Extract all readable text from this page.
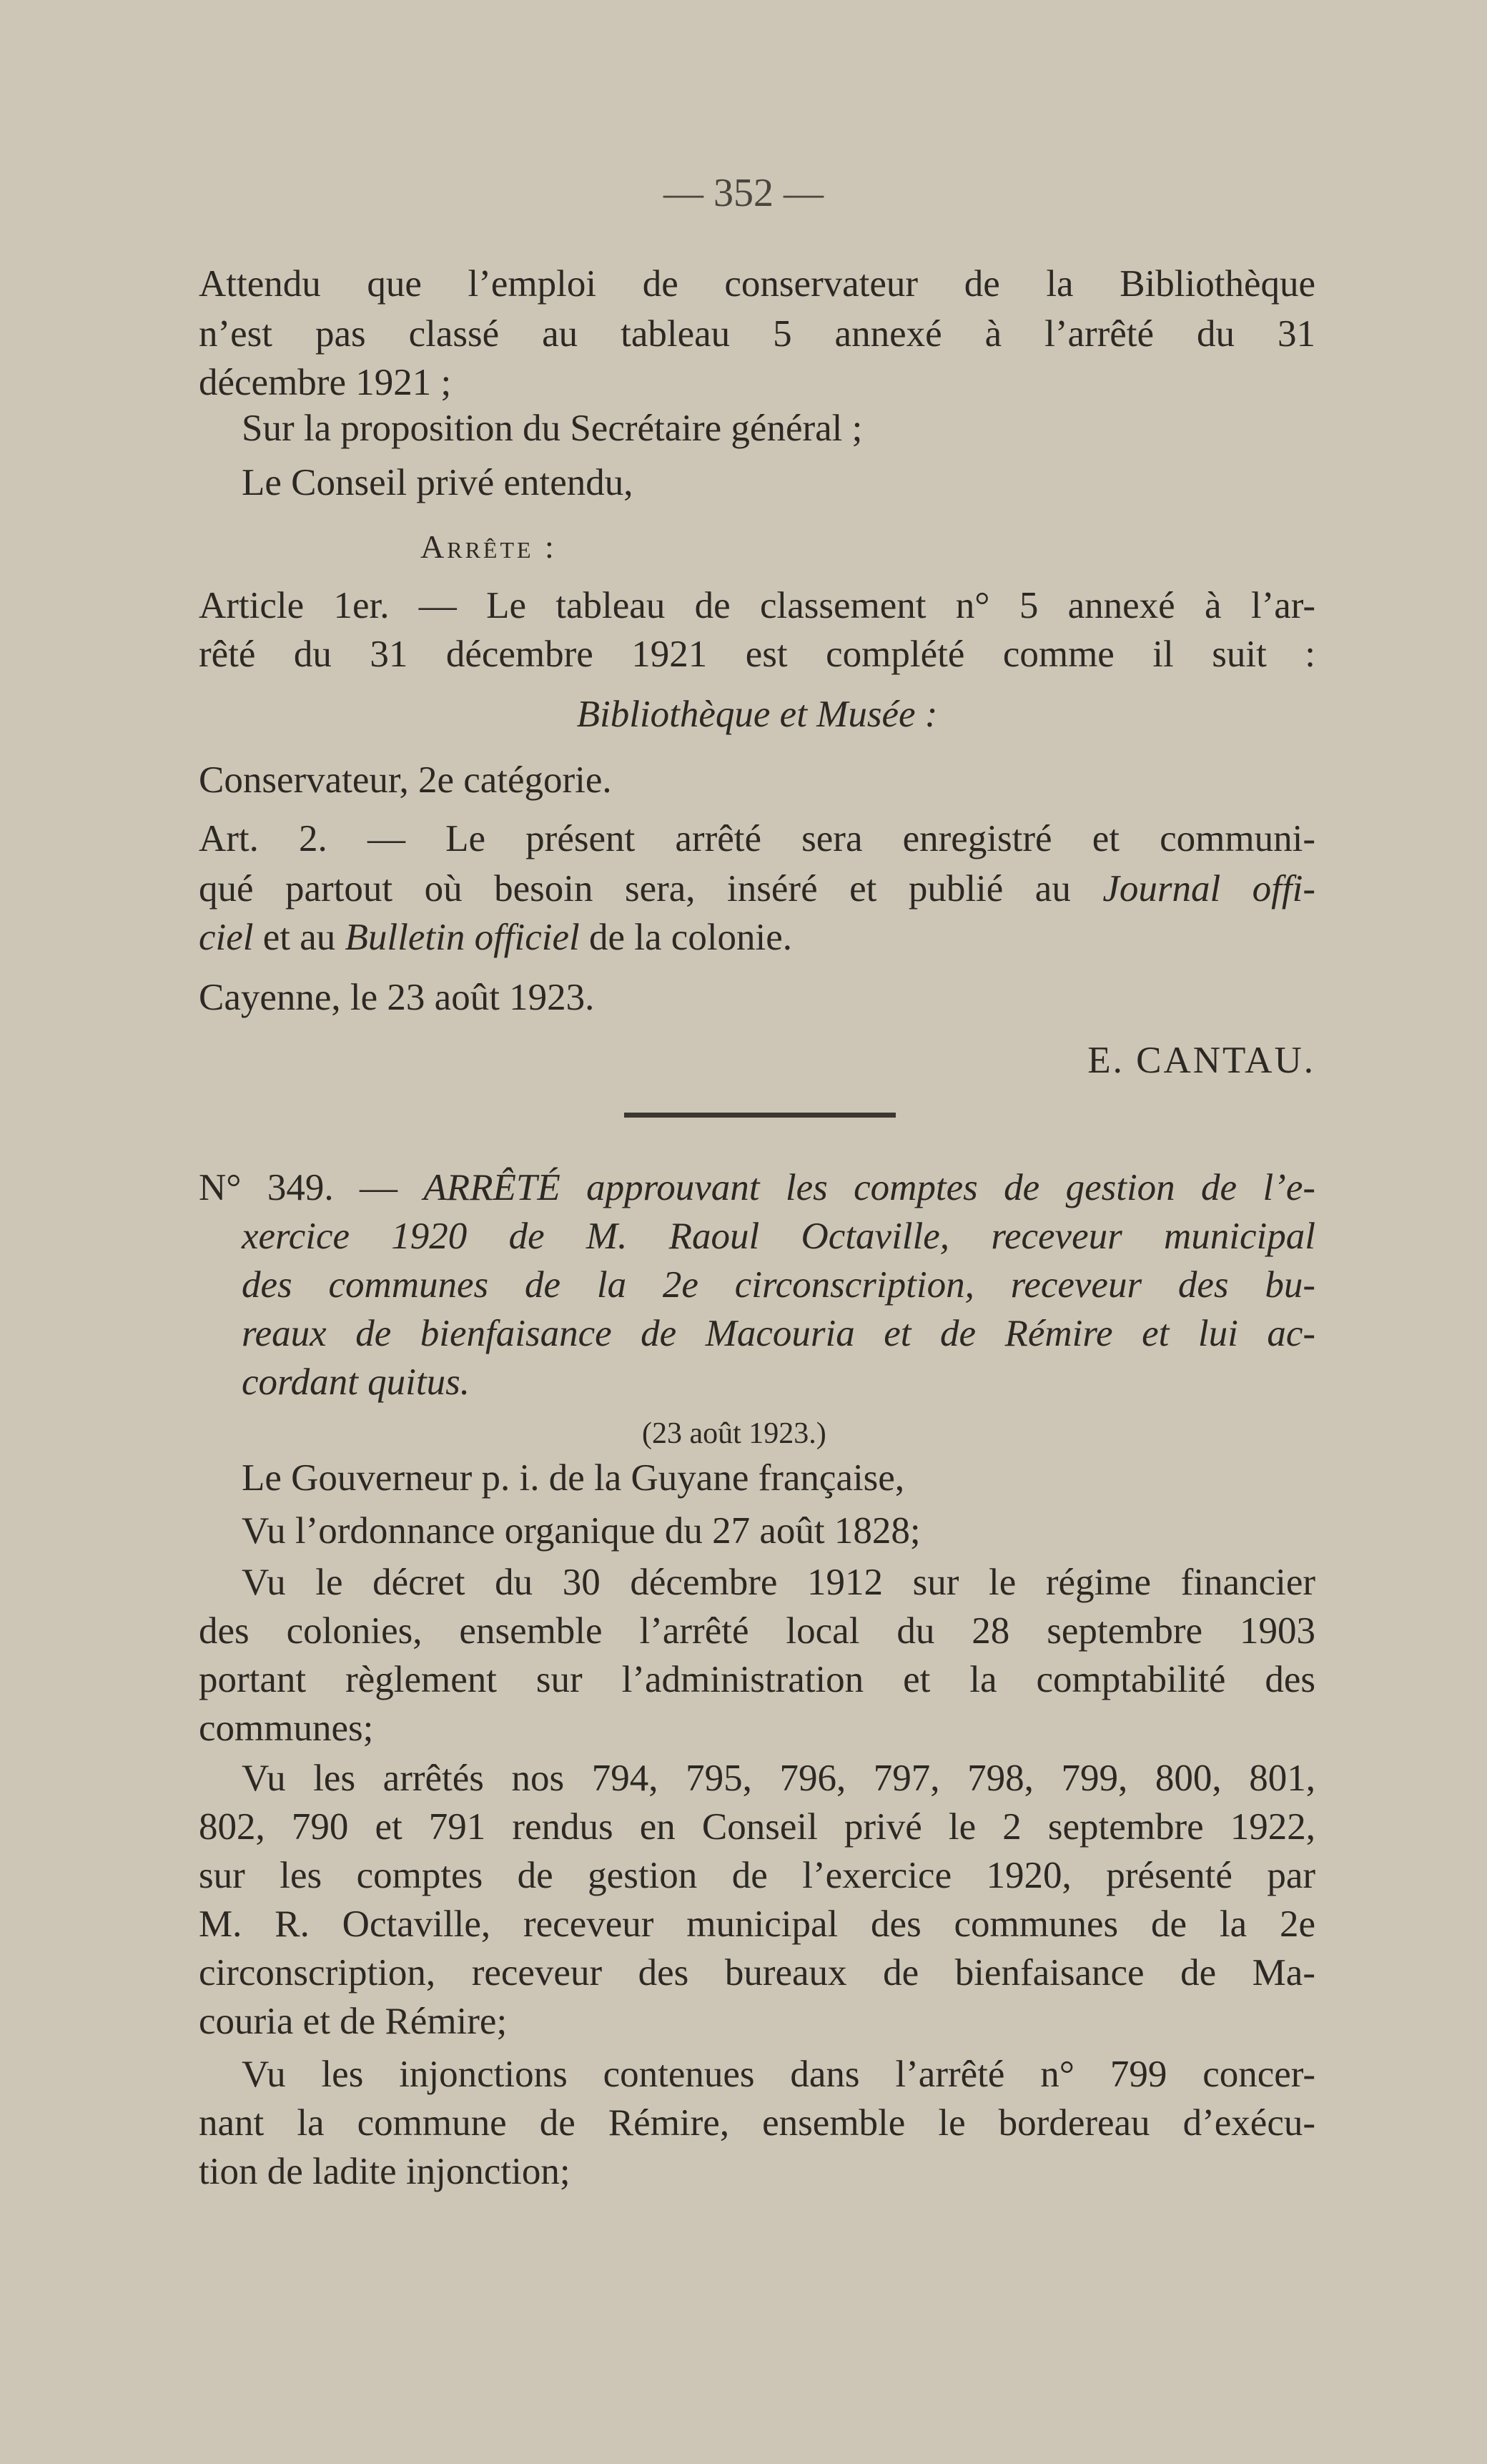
— 352 —
Attendu que l’emploi de conservateur de la Bibliothèque
n’est pas classé au tableau 5 annexé à l’arrêté du 31
décembre 1921 ;
Sur la proposition du Secrétaire général ;
Le Conseil privé entendu,
Arrête :
Article 1er. — Le tableau de classement n° 5 annexé à l’ar-
rêté du 31 décembre 1921 est complété comme il suit :
Bibliothèque et Musée :
Conservateur, 2e catégorie.
Art. 2. — Le présent arrêté sera enregistré et communi-
qué partout où besoin sera, inséré et publié au Journal offi-
ciel et au Bulletin officiel de la colonie.
Cayenne, le 23 août 1923.
E. CANTAU.
N° 349. — ARRÊTÉ approuvant les comptes de gestion de l’e-
xercice 1920 de M. Raoul Octaville, receveur municipal
des communes de la 2e circonscription, receveur des bu-
reaux de bienfaisance de Macouria et de Rémire et lui ac-
cordant quitus.
(23 août 1923.)
Le Gouverneur p. i. de la Guyane française,
Vu l’ordonnance organique du 27 août 1828;
Vu le décret du 30 décembre 1912 sur le régime financier
des colonies, ensemble l’arrêté local du 28 septembre 1903
portant règlement sur l’administration et la comptabilité des
communes;
Vu les arrêtés nos 794, 795, 796, 797, 798, 799, 800, 801,
802, 790 et 791 rendus en Conseil privé le 2 septembre 1922,
sur les comptes de gestion de l’exercice 1920, présenté par
M. R. Octaville, receveur municipal des communes de la 2e
circonscription, receveur des bureaux de bienfaisance de Ma-
couria et de Rémire;
Vu les injonctions contenues dans l’arrêté n° 799 concer-
nant la commune de Rémire, ensemble le bordereau d’exécu-
tion de ladite injonction;
